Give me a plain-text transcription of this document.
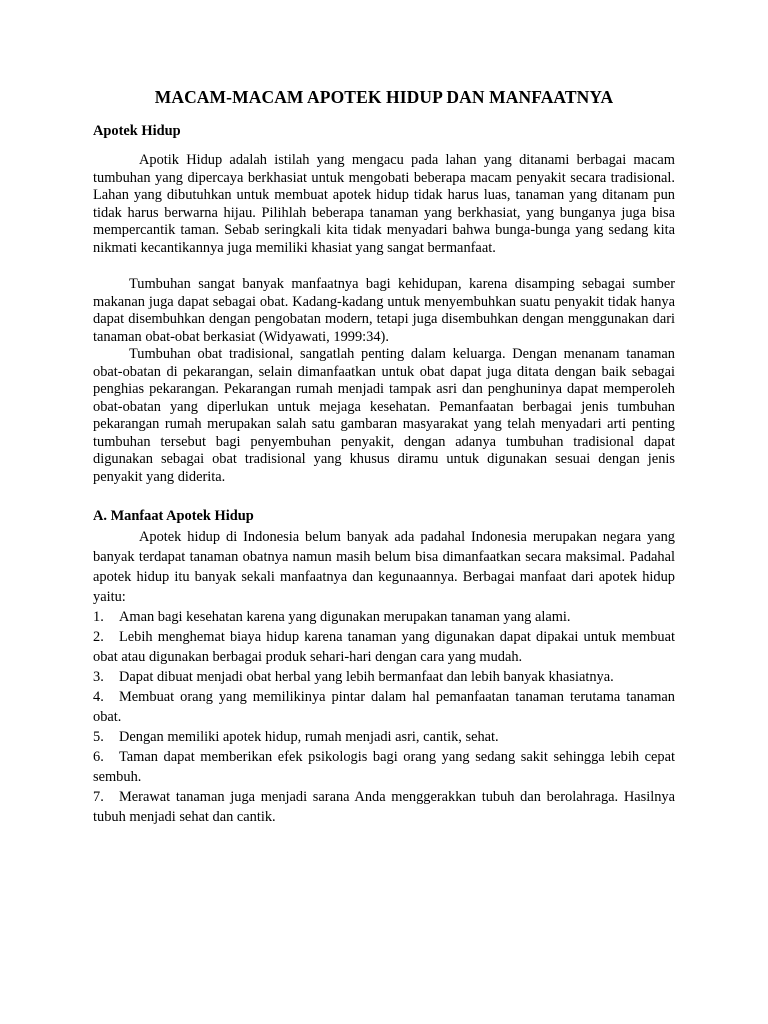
MACAM-MACAM APOTEK HIDUP DAN MANFAATNYA

Apotek Hidup

Apotik Hidup adalah istilah yang mengacu pada lahan yang ditanami berbagai macam tumbuhan yang dipercaya berkhasiat untuk mengobati beberapa macam penyakit secara tradisional. Lahan yang dibutuhkan untuk membuat apotek hidup tidak harus luas, tanaman yang ditanam pun tidak harus berwarna hijau. Pilihlah beberapa tanaman yang berkhasiat, yang bunganya juga bisa mempercantik taman. Sebab seringkali kita tidak menyadari bahwa bunga-bunga yang sedang kita nikmati kecantikannya juga memiliki khasiat yang sangat bermanfaat.

Tumbuhan sangat banyak manfaatnya bagi kehidupan, karena disamping sebagai sumber makanan juga dapat sebagai obat. Kadang-kadang untuk menyembuhkan suatu penyakit tidak hanya dapat disembuhkan dengan pengobatan modern, tetapi juga disembuhkan dengan menggunakan dari tanaman obat-obat berkasiat (Widyawati, 1999:34).

Tumbuhan obat tradisional, sangatlah penting dalam keluarga. Dengan menanam tanaman obat-obatan di pekarangan, selain dimanfaatkan untuk obat dapat juga ditata dengan baik sebagai penghias pekarangan. Pekarangan rumah menjadi tampak asri dan penghuninya dapat memperoleh obat-obatan yang diperlukan untuk mejaga kesehatan. Pemanfaatan berbagai jenis tumbuhan pekarangan rumah merupakan salah satu gambaran masyarakat yang telah menyadari arti penting tumbuhan tersebut bagi penyembuhan penyakit, dengan adanya tumbuhan tradisional dapat digunakan sebagai obat tradisional yang khusus diramu untuk digunakan sesuai dengan jenis penyakit yang diderita.

A. Manfaat Apotek Hidup

Apotek hidup di Indonesia belum banyak ada padahal Indonesia merupakan negara yang banyak terdapat tanaman obatnya namun masih belum bisa dimanfaatkan secara maksimal. Padahal apotek hidup itu banyak sekali manfaatnya dan kegunaannya. Berbagai manfaat dari apotek hidup yaitu:

1. Aman bagi kesehatan karena yang digunakan merupakan tanaman yang alami.

2. Lebih menghemat biaya hidup karena tanaman yang digunakan dapat dipakai untuk membuat obat atau digunakan berbagai produk sehari-hari dengan cara yang mudah.

3. Dapat dibuat menjadi obat herbal yang lebih bermanfaat dan lebih banyak khasiatnya.

4. Membuat orang yang memilikinya pintar dalam hal pemanfaatan tanaman terutama tanaman obat.

5. Dengan memiliki apotek hidup, rumah menjadi asri, cantik, sehat.

6. Taman dapat memberikan efek psikologis bagi orang yang sedang sakit sehingga lebih cepat sembuh.

7. Merawat tanaman juga menjadi sarana Anda menggerakkan tubuh dan berolahraga. Hasilnya tubuh menjadi sehat dan cantik.
